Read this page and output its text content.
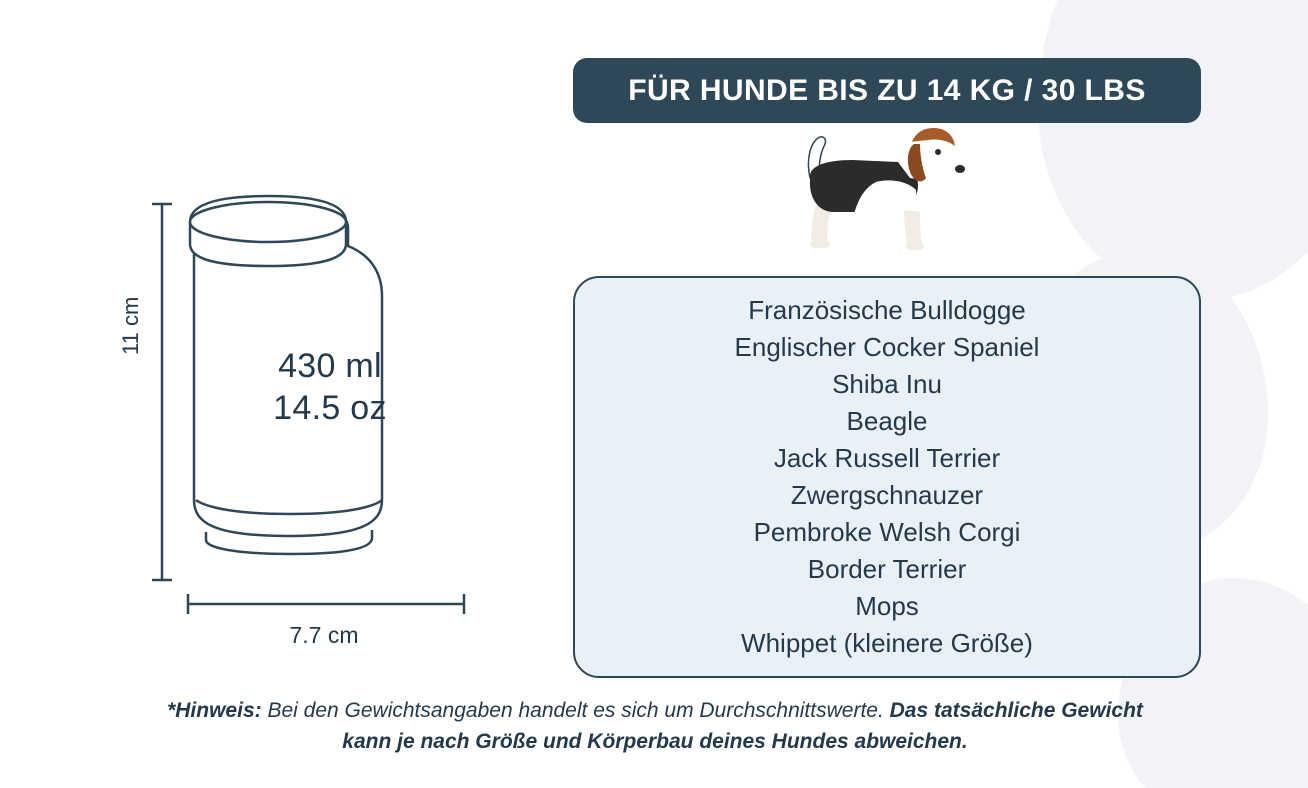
430 ml
14.5 oz
11 cm
7.7 cm
FÜR HUNDE BIS ZU 14 KG / 30 LBS
Französische Bulldogge
Englischer Cocker Spaniel
Shiba Inu
Beagle
Jack Russell Terrier
Zwergschnauzer
Pembroke Welsh Corgi
Border Terrier
Mops
Whippet (kleinere Größe)
*Hinweis: Bei den Gewichtsangaben handelt es sich um Durchschnittswerte. Das tatsächliche Gewicht kann je nach Größe und Körperbau deines Hundes abweichen.
